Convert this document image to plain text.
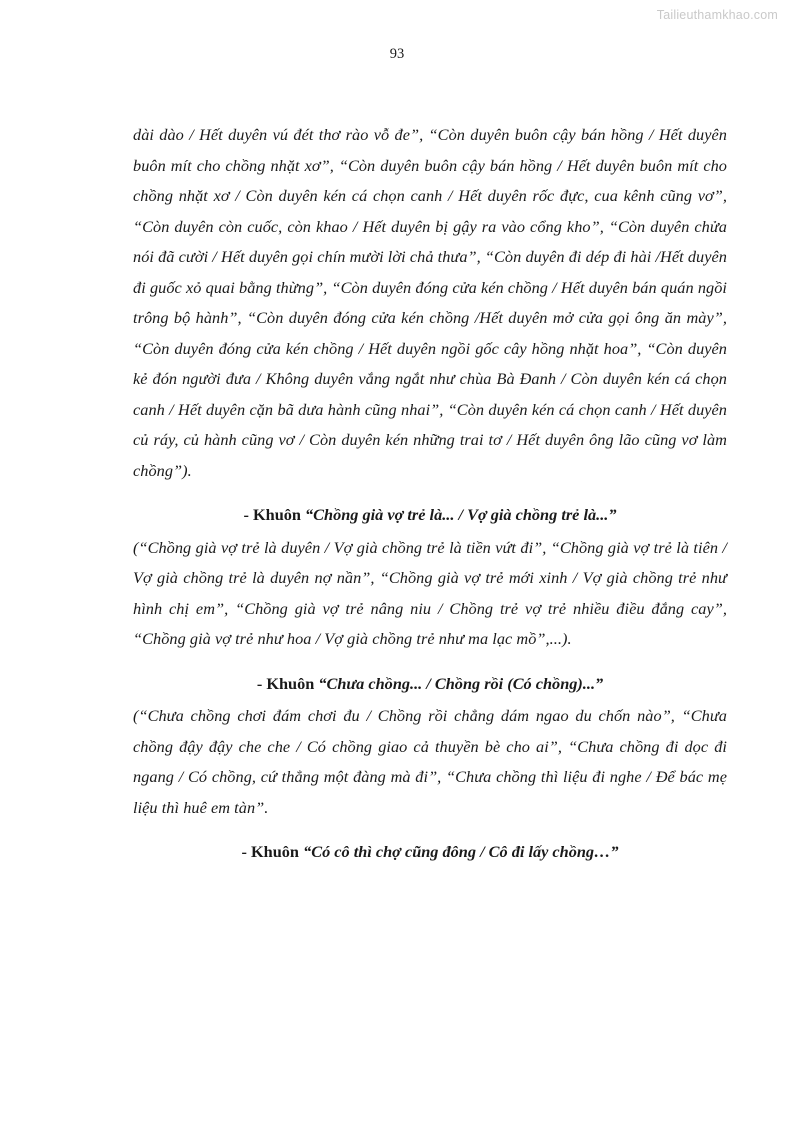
Tailieuthamkhao.com
93

dài dào / Hết duyên vú đét thơ rào vỗ đe”, “Còn duyên buôn cậy bán hồng / Hết duyên buôn mít cho chồng nhặt xơ”, “Còn duyên buôn cậy bán hồng / Hết duyên buôn mít cho chồng nhặt xơ / Còn duyên kén cá chọn canh / Hết duyên rốc đực, cua kênh cũng vơ”, “Còn duyên còn cuốc, còn khao / Hết duyên bị gậy ra vào cổng kho”, “Còn duyên chửa nói đã cười / Hết duyên gọi chín mười lời chả thưa”, “Còn duyên đi dép đi hài /Hết duyên đi guốc xỏ quai bằng thừng”, “Còn duyên đóng cửa kén chồng / Hết duyên bán quán ngồi trông bộ hành”, “Còn duyên đóng cửa kén chồng /Hết duyên mở cửa gọi ông ăn mày”, “Còn duyên đóng cửa kén chồng / Hết duyên ngồi gốc cây hồng nhặt hoa”, “Còn duyên kẻ đón người đưa / Không duyên vắng ngắt như chùa Bà Đanh / Còn duyên kén cá chọn canh / Hết duyên cặn bã dưa hành cũng nhai”, “Còn duyên kén cá chọn canh / Hết duyên củ ráy, củ hành cũng vơ / Còn duyên kén những trai tơ / Hết duyên ông lão cũng vơ làm chồng”).

- Khuôn “Chồng già vợ trẻ là... / Vợ già chồng trẻ là...”

(“Chồng già vợ trẻ là duyên / Vợ già chồng trẻ là tiền vứt đi”, “Chồng già vợ trẻ là tiên / Vợ già chồng trẻ là duyên nợ nần”, “Chồng già vợ trẻ mới xinh / Vợ già chồng trẻ như hình chị em”, “Chồng già vợ trẻ nâng niu / Chồng trẻ vợ trẻ nhiều điều đắng cay”, “Chồng già vợ trẻ như hoa / Vợ già chồng trẻ như ma lạc mồ”,...).

- Khuôn “Chưa chồng... / Chồng rồi (Có chồng)...”

(“Chưa chồng chơi đám chơi đu / Chồng rồi chẳng dám ngao du chốn nào”, “Chưa chồng đậy đậy che che / Có chồng giao cả thuyền bè cho ai”, “Chưa chồng đi dọc đi ngang / Có chồng, cứ thẳng một đàng mà đi”, “Chưa chồng thì liệu đi nghe / Để bác mẹ liệu thì huê em tàn”.

- Khuôn “Có cô thì chợ cũng đông / Cô đi lấy chồng…”
